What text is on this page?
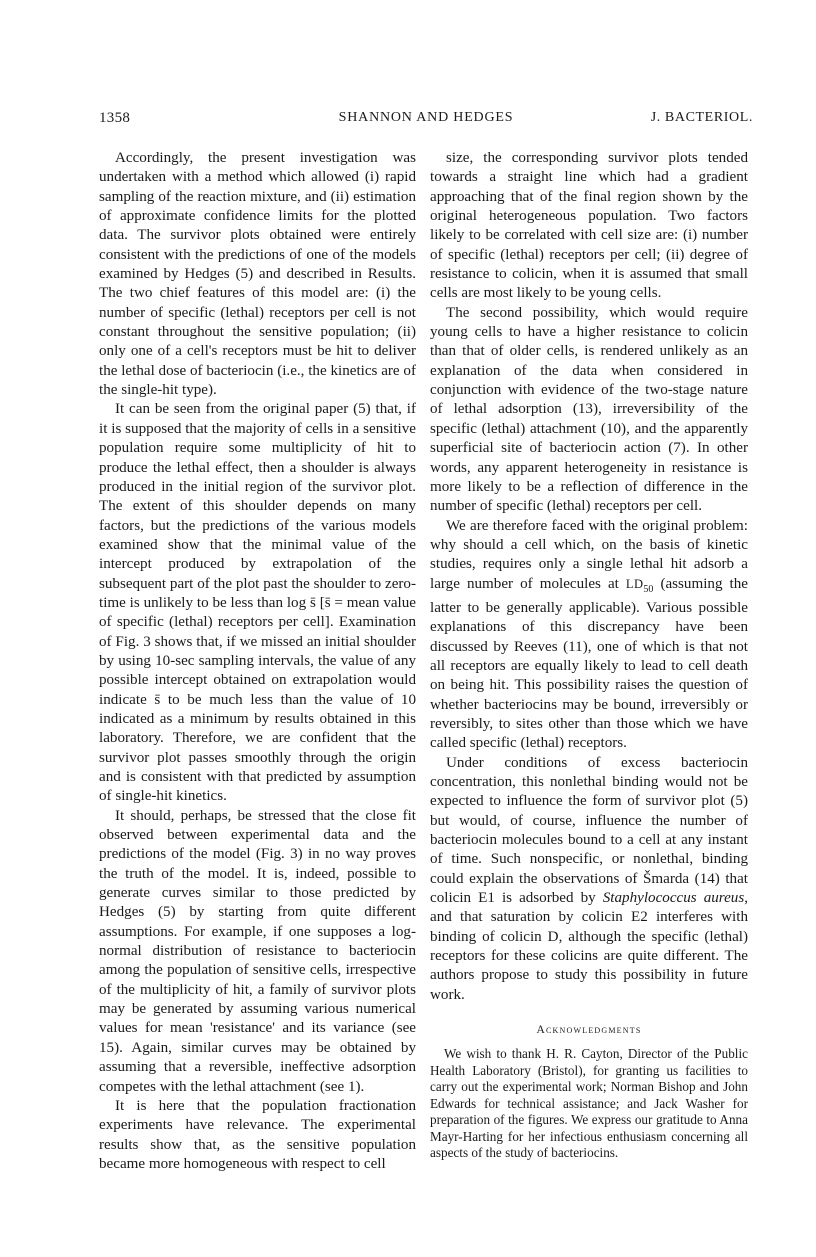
1358	SHANNON AND HEDGES	J. BACTERIOL.

Accordingly, the present investigation was undertaken with a method which allowed (i) rapid sampling of the reaction mixture, and (ii) estimation of approximate confidence limits for the plotted data. The survivor plots obtained were entirely consistent with the predictions of one of the models examined by Hedges (5) and described in Results. The two chief features of this model are: (i) the number of specific (lethal) receptors per cell is not constant throughout the sensitive population; (ii) only one of a cell's receptors must be hit to deliver the lethal dose of bacteriocin (i.e., the kinetics are of the single-hit type).

It can be seen from the original paper (5) that, if it is supposed that the majority of cells in a sensitive population require some multiplicity of hit to produce the lethal effect, then a shoulder is always produced in the initial region of the survivor plot. The extent of this shoulder depends on many factors, but the predictions of the various models examined show that the minimal value of the intercept produced by extrapolation of the subsequent part of the plot past the shoulder to zero-time is unlikely to be less than log s̄ [s̄ = mean value of specific (lethal) receptors per cell]. Examination of Fig. 3 shows that, if we missed an initial shoulder by using 10-sec sampling intervals, the value of any possible intercept obtained on extrapolation would indicate s̄ to be much less than the value of 10 indicated as a minimum by results obtained in this laboratory. Therefore, we are confident that the survivor plot passes smoothly through the origin and is consistent with that predicted by assumption of single-hit kinetics.

It should, perhaps, be stressed that the close fit observed between experimental data and the predictions of the model (Fig. 3) in no way proves the truth of the model. It is, indeed, possible to generate curves similar to those predicted by Hedges (5) by starting from quite different assumptions. For example, if one supposes a log-normal distribution of resistance to bacteriocin among the population of sensitive cells, irrespective of the multiplicity of hit, a family of survivor plots may be generated by assuming various numerical values for mean 'resistance' and its variance (see 15). Again, similar curves may be obtained by assuming that a reversible, ineffective adsorption competes with the lethal attachment (see 1).

It is here that the population fractionation experiments have relevance. The experimental results show that, as the sensitive population became more homogeneous with respect to cell

size, the corresponding survivor plots tended towards a straight line which had a gradient approaching that of the final region shown by the original heterogeneous population. Two factors likely to be correlated with cell size are: (i) number of specific (lethal) receptors per cell; (ii) degree of resistance to colicin, when it is assumed that small cells are most likely to be young cells.

The second possibility, which would require young cells to have a higher resistance to colicin than that of older cells, is rendered unlikely as an explanation of the data when considered in conjunction with evidence of the two-stage nature of lethal adsorption (13), irreversibility of the specific (lethal) attachment (10), and the apparently superficial site of bacteriocin action (7). In other words, any apparent heterogeneity in resistance is more likely to be a reflection of difference in the number of specific (lethal) receptors per cell.

We are therefore faced with the original problem: why should a cell which, on the basis of kinetic studies, requires only a single lethal hit adsorb a large number of molecules at $LD_{50}$ (assuming the latter to be generally applicable). Various possible explanations of this discrepancy have been discussed by Reeves (11), one of which is that not all receptors are equally likely to lead to cell death on being hit. This possibility raises the question of whether bacteriocins may be bound, irreversibly or reversibly, to sites other than those which we have called specific (lethal) receptors.

Under conditions of excess bacteriocin concentration, this nonlethal binding would not be expected to influence the form of survivor plot (5) but would, of course, influence the number of bacteriocin molecules bound to a cell at any instant of time. Such nonspecific, or nonlethal, binding could explain the observations of Šmarda (14) that colicin E1 is adsorbed by Staphylococcus aureus, and that saturation by colicin E2 interferes with binding of colicin D, although the specific (lethal) receptors for these colicins are quite different. The authors propose to study this possibility in future work.

Acknowledgments

We wish to thank H. R. Cayton, Director of the Public Health Laboratory (Bristol), for granting us facilities to carry out the experimental work; Norman Bishop and John Edwards for technical assistance; and Jack Washer for preparation of the figures. We express our gratitude to Anna Mayr-Harting for her infectious enthusiasm concerning all aspects of the study of bacteriocins.
